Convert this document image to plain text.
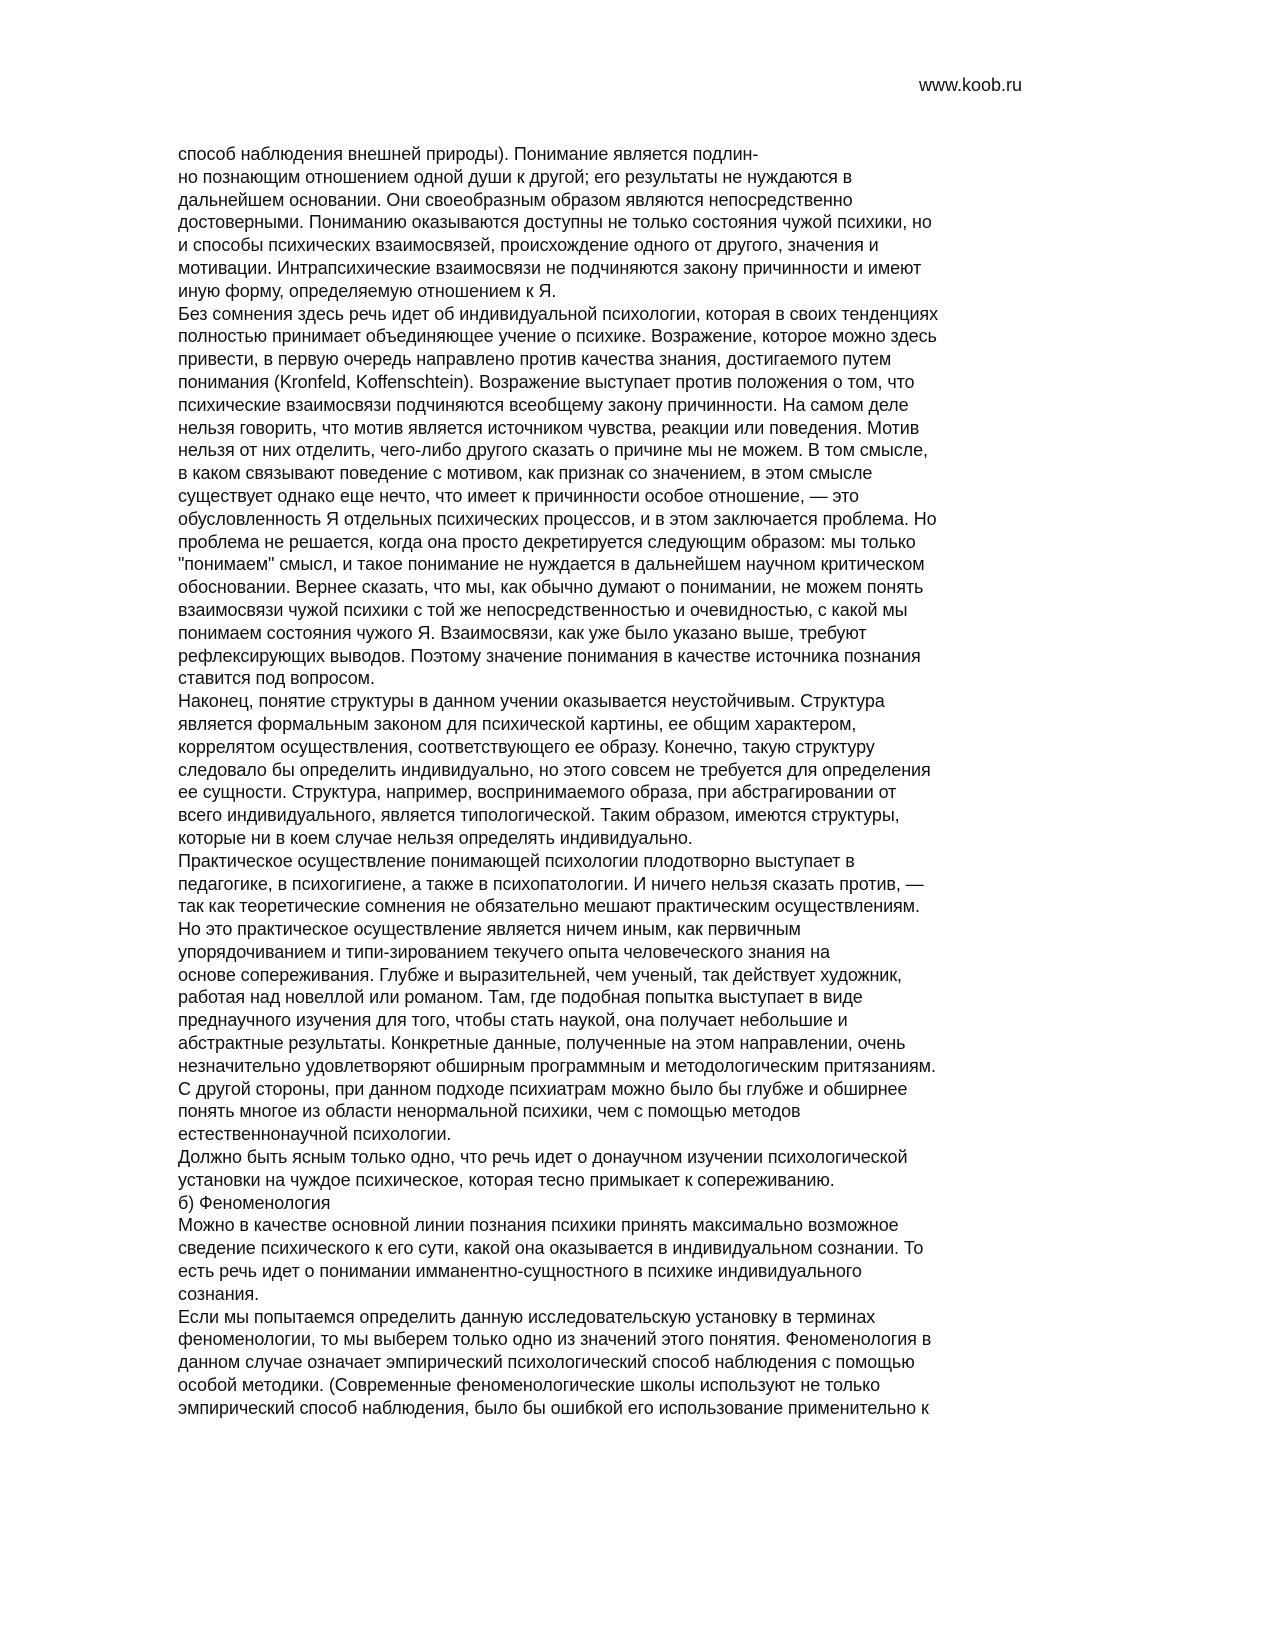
www.koob.ru
способ наблюдения внешней природы). Понимание является подлин-
но познающим отношением одной души к другой; его результаты не нуждаются в
дальнейшем основании. Они своеобразным образом являются непосредственно
достоверными. Пониманию оказываются доступны не только состояния чужой психики, но
и способы психических взаимосвязей, происхождение одного от другого, значения и
мотивации. Интрапсихические взаимосвязи не подчиняются закону причинности и имеют
иную форму, определяемую отношением к Я.
Без сомнения здесь речь идет об индивидуальной психологии, которая в своих тенденциях
полностью принимает объединяющее учение о психике. Возражение, которое можно здесь
привести, в первую очередь направлено против качества знания, достигаемого путем
понимания (Kronfeld, Koffenschtein). Возражение выступает против положения о том, что
психические взаимосвязи подчиняются всеобщему закону причинности. На самом деле
нельзя говорить, что мотив является источником чувства, реакции или поведения. Мотив
нельзя от них отделить, чего-либо другого сказать о причине мы не можем. В том смысле,
в каком связывают поведение с мотивом, как признак со значением, в этом смысле
существует однако еще нечто, что имеет к причинности особое отношение, — это
обусловленность Я отдельных психических процессов, и в этом заключается проблема. Но
проблема не решается, когда она просто декретируется следующим образом: мы только
"понимаем" смысл, и такое понимание не нуждается в дальнейшем научном критическом
обосновании. Вернее сказать, что мы, как обычно думают о понимании, не можем понять
взаимосвязи чужой психики с той же непосредственностью и очевидностью, с какой мы
понимаем состояния чужого Я. Взаимосвязи, как уже было указано выше, требуют
рефлексирующих выводов. Поэтому значение понимания в качестве источника познания
ставится под вопросом.
Наконец, понятие структуры в данном учении оказывается неустойчивым. Структура
является формальным законом для психической картины, ее общим характером,
коррелятом осуществления, соответствующего ее образу. Конечно, такую структуру
следовало бы определить индивидуально, но этого совсем не требуется для определения
ее сущности. Структура, например, воспринимаемого образа, при абстрагировании от
всего индивидуального, является типологической. Таким образом, имеются структуры,
которые ни в коем случае нельзя определять индивидуально.
Практическое осуществление понимающей психологии плодотворно выступает в
педагогике, в психогигиене, а также в психопатологии. И ничего нельзя сказать против, —
так как теоретические сомнения не обязательно мешают практическим осуществлениям.
Но это практическое осуществление является ничем иным, как первичным
упорядочиванием и типи-зированием текучего опыта человеческого знания на
основе сопереживания. Глубже и выразительней, чем ученый, так действует художник,
работая над новеллой или романом. Там, где подобная попытка выступает в виде
преднаучного изучения для того, чтобы стать наукой, она получает небольшие и
абстрактные результаты. Конкретные данные, полученные на этом направлении, очень
незначительно удовлетворяют обширным программным и методологическим притязаниям.
С другой стороны, при данном подходе психиатрам можно было бы глубже и обширнее
понять многое из области ненормальной психики, чем с помощью методов
естественнонаучной психологии.
Должно быть ясным только одно, что речь идет о донаучном изучении психологической
установки на чуждое психическое, которая тесно примыкает к сопереживанию.
б) Феноменология
Можно в качестве основной линии познания психики принять максимально возможное
сведение психического к его сути, какой она оказывается в индивидуальном сознании. То
есть речь идет о понимании имманентно-сущностного в психике индивидуального
сознания.
Если мы попытаемся определить данную исследовательскую установку в терминах
феноменологии, то мы выберем только одно из значений этого понятия. Феноменология в
данном случае означает эмпирический психологический способ наблюдения с помощью
особой методики. (Современные феноменологические школы используют не только
эмпирический способ наблюдения, было бы ошибкой его использование применительно к
